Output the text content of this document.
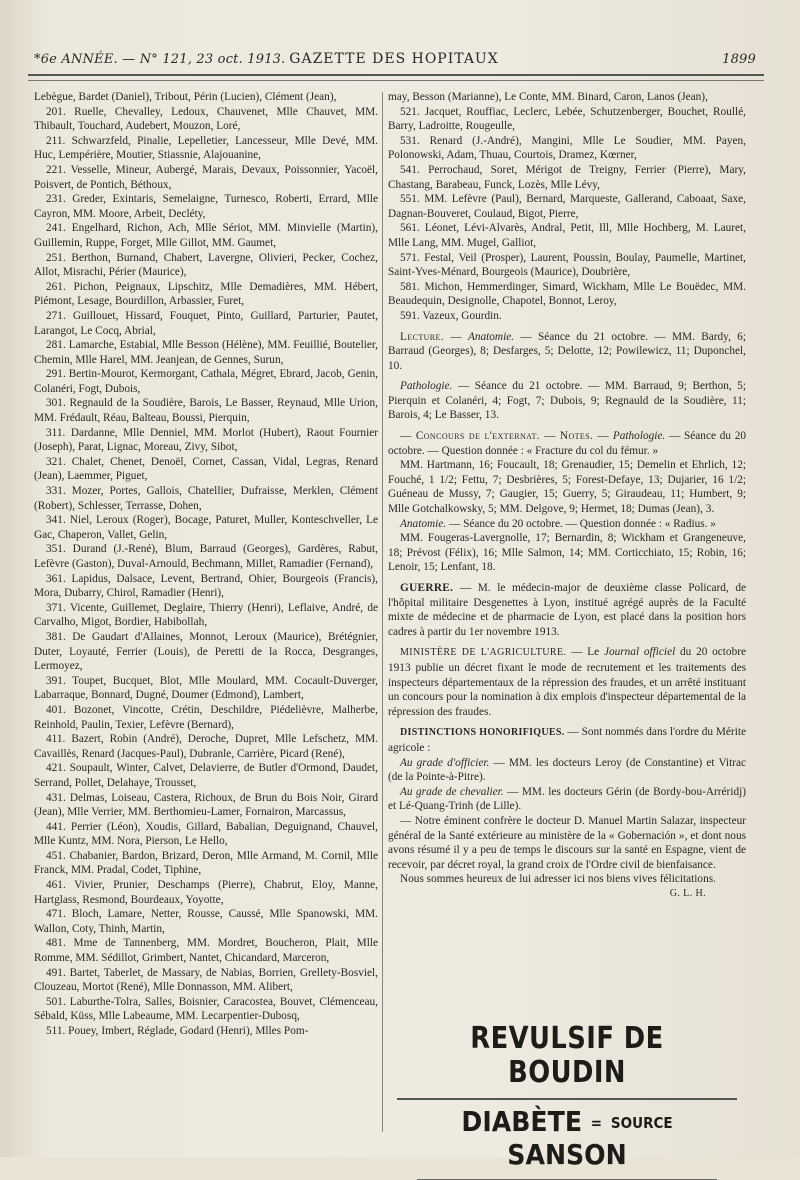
*6e ANNÉE. — N° 121, 23 oct. 1913. GAZETTE DES HOPITAUX	1899

Lebègue, Bardet (Daniel), Tribout, Périn (Lucien), Clément (Jean),

201. Ruelle, Chevalley, Ledoux, Chauvenet, Mlle Chauvet, MM. Thibault, Touchard, Audebert, Mouzon, Loré,

211. Schwarzfeld, Pinalie, Lepelletier, Lancesseur, Mlle Devé, MM. Huc, Lempérière, Moutier, Stiassnie, Alajouanine,

221. Vesselle, Mineur, Aubergé, Marais, Devaux, Poissonnier, Yacoël, Poisvert, de Pontich, Béthoux,

231. Greder, Exintaris, Semelaigne, Turnesco, Roberti, Errard, Mlle Cayron, MM. Moore, Arbeit, Decléty,

241. Engelhard, Richon, Ach, Mlle Sériot, MM. Minvielle (Martin), Guillemin, Ruppe, Forget, Mlle Gillot, MM. Gaumet,

251. Berthon, Burnand, Chabert, Lavergne, Olivieri, Pecker, Cochez, Allot, Misrachi, Périer (Maurice),

261. Pichon, Peignaux, Lipschitz, Mlle Demadières, MM. Hébert, Piémont, Lesage, Bourdillon, Arbassier, Furet,

271. Guillouet, Hissard, Fouquet, Pinto, Guillard, Parturier, Pautet, Larangot, Le Cocq, Abrial,

281. Lamarche, Estabial, Mlle Besson (Hélène), MM. Feuillié, Boutelier, Chemin, Mlle Harel, MM. Jeanjean, de Gennes, Surun,

291. Bertin-Mourot, Kermorgant, Cathala, Mégret, Ebrard, Jacob, Genin, Colanéri, Fogt, Dubois,

301. Regnauld de la Soudière, Barois, Le Basser, Reynaud, Mlle Urion, MM. Frédault, Réau, Balteau, Boussi, Pierquin,

311. Dardanne, Mlle Denniel, MM. Morlot (Hubert), Raout Fournier (Joseph), Parat, Lignac, Moreau, Zivy, Sibot,

321. Chalet, Chenet, Denoël, Cornet, Cassan, Vidal, Legras, Renard (Jean), Laemmer, Piguet,

331. Mozer, Portes, Gallois, Chatellier, Dufraisse, Merklen, Clément (Robert), Schlesser, Terrasse, Dohen,

341. Niel, Leroux (Roger), Bocage, Paturet, Muller, Konteschveller, Le Gac, Chaperon, Vallet, Gelin,

351. Durand (J.-René), Blum, Barraud (Georges), Gardères, Rabut, Lefèvre (Gaston), Duval-Arnould, Bechmann, Millet, Ramadier (Fernand),

361. Lapidus, Dalsace, Levent, Bertrand, Ohier, Bourgeois (Francis), Mora, Dubarry, Chirol, Ramadier (Henri),

371. Vicente, Guillemet, Deglaire, Thierry (Henri), Leflaive, André, de Carvalho, Migot, Bordier, Habibollah,

381. De Gaudart d'Allaines, Monnot, Leroux (Maurice), Brétégnier, Duter, Loyauté, Ferrier (Louis), de Peretti de la Rocca, Desgranges, Lermoyez,

391. Toupet, Bucquet, Blot, Mlle Moulard, MM. Cocault-Duverger, Labarraque, Bonnard, Dugné, Doumer (Edmond), Lambert,

401. Bozonet, Vincotte, Crétin, Deschildre, Piédelièvre, Malherbe, Reinhold, Paulin, Texier, Lefèvre (Bernard),

411. Bazert, Robin (André), Deroche, Dupret, Mlle Lefschetz, MM. Cavaillès, Renard (Jacques-Paul), Dubranle, Carrière, Picard (René),

421. Soupault, Winter, Calvet, Delavierre, de Butler d'Ormond, Daudet, Serrand, Pollet, Delahaye, Trousset,

431. Delmas, Loiseau, Castera, Richoux, de Brun du Bois Noir, Girard (Jean), Mlle Verrier, MM. Berthomieu-Lamer, Fornairon, Marcassus,

441. Perrier (Léon), Xoudis, Gillard, Babalian, Deguignand, Chauvel, Mlle Kuntz, MM. Nora, Pierson, Le Hello,

451. Chabanier, Bardon, Brizard, Deron, Mlle Armand, M. Cornil, Mlle Franck, MM. Pradal, Codet, Tiphine,

461. Vivier, Prunier, Deschamps (Pierre), Chabrut, Eloy, Manne, Hartglass, Resmond, Bourdeaux, Yoyotte,

471. Bloch, Lamare, Netter, Rousse, Caussé, Mlle Spanowski, MM. Wallon, Coty, Thinh, Martin,

481. Mme de Tannenberg, MM. Mordret, Boucheron, Plait, Mlle Romme, MM. Sédillot, Grimbert, Nantet, Chicandard, Marceron,

491. Bartet, Taberlet, de Massary, de Nabias, Borrien, Grellety-Bosviel, Clouzeau, Mortot (René), Mlle Donnasson, MM. Alibert,

501. Laburthe-Tolra, Salles, Boisnier, Caracostea, Bouvet, Clémenceau, Sébald, Küss, Mlle Labeaume, MM. Lecarpentier-Dubosq,

511. Pouey, Imbert, Réglade, Godard (Henri), Mlles Pom-

may, Besson (Marianne), Le Conte, MM. Binard, Caron, Lanos (Jean),

521. Jacquet, Rouffiac, Leclerc, Lebée, Schutzenberger, Bouchet, Roullé, Barry, Ladroitte, Rougeulle,

531. Renard (J.-André), Mangini, Mlle Le Soudier, MM. Payen, Polonowski, Adam, Thuau, Courtois, Dramez, Kœrner,

541. Perrochaud, Soret, Mérigot de Treigny, Ferrier (Pierre), Mary, Chastang, Barabeau, Funck, Lozès, Mlle Lévy,

551. MM. Lefèvre (Paul), Bernard, Marqueste, Gallerand, Caboaat, Saxe, Dagnan-Bouveret, Coulaud, Bigot, Pierre,

561. Léonet, Lévi-Alvarès, Andral, Petit, Ill, Mlle Hochberg, M. Lauret, Mlle Lang, MM. Mugel, Galliot,

571. Festal, Veil (Prosper), Laurent, Poussin, Boulay, Paumelle, Martinet, Saint-Yves-Ménard, Bourgeois (Maurice), Doubrière,

581. Michon, Hemmerdinger, Simard, Wickham, Mlle Le Bouëdec, MM. Beaudequin, Designolle, Chapotel, Bonnot, Leroy,

591. Vazeux, Gourdin.

Lecture. — Anatomie. — Séance du 21 octobre. — MM. Bardy, 6; Barraud (Georges), 8; Desfarges, 5; Delotte, 12; Powilewicz, 11; Duponchel, 10.

Pathologie. — Séance du 21 octobre. — MM. Barraud, 9; Berthon, 5; Pierquin et Colanéri, 4; Fogt, 7; Dubois, 9; Regnauld de la Soudière, 11; Barois, 4; Le Basser, 13.

— Concours de l'externat. — Notes. — Pathologie. — Séance du 20 octobre. — Question donnée : « Fracture du col du fémur. »

MM. Hartmann, 16; Foucault, 18; Grenaudier, 15; Demelin et Ehrlich, 12; Fouché, 1 1/2; Fettu, 7; Desbrières, 5; Forest-Defaye, 13; Dujarier, 16 1/2; Guéneau de Mussy, 7; Gaugier, 15; Guerry, 5; Giraudeau, 11; Humbert, 9; Mlle Gotchalkowsky, 5; MM. Delgove, 9; Hermet, 18; Dumas (Jean), 3.

Anatomie. — Séance du 20 octobre. — Question donnée : « Radius. »

MM. Fougeras-Lavergnolle, 17; Bernardin, 8; Wickham et Grangeneuve, 18; Prévost (Félix), 16; Mlle Salmon, 14; MM. Corticchiato, 15; Robin, 16; Lenoir, 15; Lenfant, 18.

GUERRE. — M. le médecin-major de deuxième classe Policard, de l'hôpital militaire Desgenettes à Lyon, institué agrégé auprès de la Faculté mixte de médecine et de pharmacie de Lyon, est placé dans la position hors cadres à partir du 1er novembre 1913.

MINISTÈRE DE L'AGRICULTURE. — Le Journal officiel du 20 octobre 1913 publie un décret fixant le mode de recrutement et les traitements des inspecteurs départementaux de la répression des fraudes, et un arrêté instituant un concours pour la nomination à dix emplois d'inspecteur départemental de la répression des fraudes.

DISTINCTIONS HONORIFIQUES. — Sont nommés dans l'ordre du Mérite agricole :

Au grade d'officier. — MM. les docteurs Leroy (de Constantine) et Vitrac (de la Pointe-à-Pitre).

Au grade de chevalier. — MM. les docteurs Gérin (de Bordy-bou-Arréridj) et Lé-Quang-Trinh (de Lille).

— Notre éminent confrère le docteur D. Manuel Martin Salazar, inspecteur général de la Santé extérieure au ministère de la « Gobernación », et dont nous avons résumé il y a peu de temps le discours sur la santé en Espagne, vient de recevoir, par décret royal, la grand croix de l'Ordre civil de bienfaisance.

Nous sommes heureux de lui adresser ici nos biens vives félicitations.
G. L. H.

REVULSIF DE BOUDIN
DIABÈTE = SOURCE SANSON
